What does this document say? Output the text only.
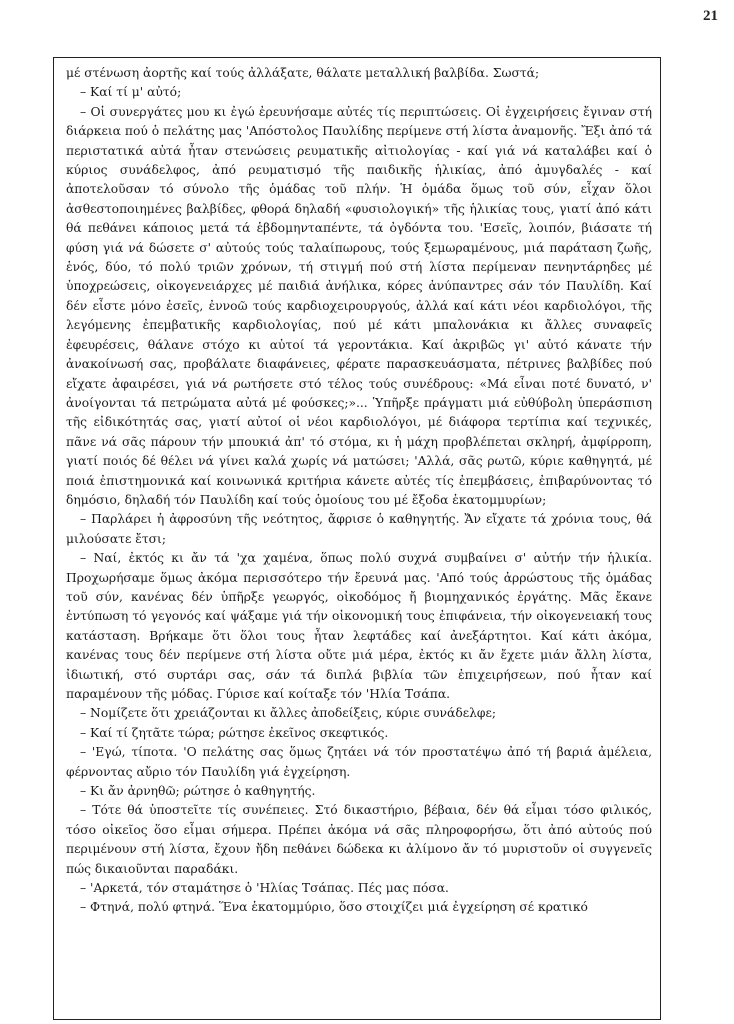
21

μέ στένωση ἀορτῆς καί τούς ἀλλάξατε, θάλατε μεταλλική βαλβίδα. Σωστά;

– Καί τί μ' αὐτό;

– Οἱ συνεργάτες μου κι ἐγώ ἐρευνήσαμε αὐτές τίς περιπτώσεις. Οἱ ἐγχειρήσεις ἔγιναν στή διάρκεια πού ὁ πελάτης μας 'Απόστολος Παυλίδης περίμενε στή λίστα ἀναμονῆς. Ἔξι ἀπό τά περιστατικά αὐτά ἦταν στενώσεις ρευματικῆς αἰτιολογίας - καί γιά νά καταλάβει καί ὁ κύριος συνάδελφος, ἀπό ρευματισμό τῆς παιδικῆς ἡλικίας, ἀπό ἀμυγδαλές - καί ἀποτελοῦσαν τό σύνολο τῆς ὁμάδας τοῦ πλήν. Ἡ ὁμάδα ὅμως τοῦ σύν, εἶχαν ὅλοι ἀσθεστοποιημένες βαλβίδες, φθορά δηλαδή «φυσιολογική» τῆς ἡλικίας τους, γιατί ἀπό κάτι θά πεθάνει κάποιος μετά τά ἑβδομηνταπέντε, τά ὀγδόντα του. 'Εσεῖς, λοιπόν, βιάσατε τή φύση γιά νά δώσετε σ' αὐτούς τούς ταλαίπωρους, τούς ξεμωραμένους, μιά παράταση ζωῆς, ἑνός, δύο, τό πολύ τριῶν χρόνων, τή στιγμή πού στή λίστα περίμεναν πενηντάρηδες μέ ὑποχρεώσεις, οἰκογενειάρχες μέ παιδιά ἀνήλικα, κόρες ἀνύπαντρες σάν τόν Παυλίδη. Καί δέν εἶστε μόνο ἐσεῖς, ἐννοῶ τούς καρδιοχειρουργούς, ἀλλά καί κάτι νέοι καρδιολόγοι, τῆς λεγόμενης ἐπεμβατικῆς καρδιολογίας, πού μέ κάτι μπαλονάκια κι ἄλλες συναφεῖς ἐφευρέσεις, θάλανε στόχο κι αὐτοί τά γεροντάκια. Καί ἀκριβῶς γι' αὐτό κάνατε τήν ἀνακοίνωσή σας, προβάλατε διαφάνειες, φέρατε παρασκευάσματα, πέτρινες βαλβίδες πού εἴχατε ἀφαιρέσει, γιά νά ρωτήσετε στό τέλος τούς συνέδρους: «Μά εἶναι ποτέ δυνατό, ν' ἀνοίγονται τά πετρώματα αὐτά μέ φούσκες;»... Ὑπῆρξε πράγματι μιά εὐθύβολη ὑπεράσπιση τῆς εἰδικότητάς σας, γιατί αὐτοί οἱ νέοι καρδιολόγοι, μέ διάφορα τερτίπια καί τεχνικές, πᾶνε νά σᾶς πάρουν τήν μπουκιά ἀπ' τό στόμα, κι ἡ μάχη προβλέπεται σκληρή, ἀμφίρροπη, γιατί ποιός δέ θέλει νά γίνει καλά χωρίς νά ματώσει; 'Αλλά, σᾶς ρωτῶ, κύριε καθηγητά, μέ ποιά ἐπιστημονικά καί κοινωνικά κριτήρια κάνετε αὐτές τίς ἐπεμβάσεις, ἐπιβαρύνοντας τό δημόσιο, δηλαδή τόν Παυλίδη καί τούς ὁμοίους του μέ ἔξοδα ἑκατομμυρίων;

– Παρλάρει ἡ ἀφροσύνη τῆς νεότητος, ἄφρισε ὁ καθηγητής. Ἄν εἴχατε τά χρόνια τους, θά μιλούσατε ἔτσι;

– Ναί, ἐκτός κι ἄν τά 'χα χαμένα, ὅπως πολύ συχνά συμβαίνει σ' αὐτήν τήν ἡλικία. Προχωρήσαμε ὅμως ἀκόμα περισσότερο τήν ἔρευνά μας. 'Από τούς ἀρρώστους τῆς ὁμάδας τοῦ σύν, κανένας δέν ὑπῆρξε γεωργός, οἰκοδόμος ἤ βιομηχανικός ἐργάτης. Μᾶς ἔκανε ἐντύπωση τό γεγονός καί ψάξαμε γιά τήν οἰκονομική τους ἐπιφάνεια, τήν οἰκογενειακή τους κατάσταση. Βρήκαμε ὅτι ὅλοι τους ἦταν λεφτάδες καί ἀνεξάρτητοι. Καί κάτι ἀκόμα, κανένας τους δέν περίμενε στή λίστα οὔτε μιά μέρα, ἐκτός κι ἄν ἔχετε μιάν ἄλλη λίστα, ἰδιωτική, στό συρτάρι σας, σάν τά διπλά βιβλία τῶν ἐπιχειρήσεων, πού ἦταν καί παραμένουν τῆς μόδας. Γύρισε καί κοίταξε τόν 'Ηλία Τσάπα.

– Νομίζετε ὅτι χρειάζονται κι ἄλλες ἀποδείξεις, κύριε συνάδελφε;

– Καί τί ζητᾶτε τώρα; ρώτησε ἐκεῖνος σκεφτικός.

– 'Εγώ, τίποτα. 'Ο πελάτης σας ὅμως ζητάει νά τόν προστατέψω ἀπό τή βαριά ἀμέλεια, φέρνοντας αὔριο τόν Παυλίδη γιά ἐγχείρηση.

– Κι ἄν ἀρνηθῶ; ρώτησε ὁ καθηγητής.

– Τότε θά ὑποστεῖτε τίς συνέπειες. Στό δικαστήριο, βέβαια, δέν θά εἶμαι τόσο φιλικός, τόσο οἰκεῖος ὅσο εἶμαι σήμερα. Πρέπει ἀκόμα νά σᾶς πληροφορήσω, ὅτι ἀπό αὐτούς πού περιμένουν στή λίστα, ἔχουν ἤδη πεθάνει δώδεκα κι ἀλίμονο ἄν τό μυριστοῦν οἱ συγγενεῖς πώς δικαιοῦνται παραδάκι.

– 'Αρκετά, τόν σταμάτησε ὁ 'Ηλίας Τσάπας. Πές μας πόσα.

– Φτηνά, πολύ φτηνά. Ἕνα ἑκατομμύριο, ὅσο στοιχίζει μιά ἐγχείρηση σέ κρατικό
